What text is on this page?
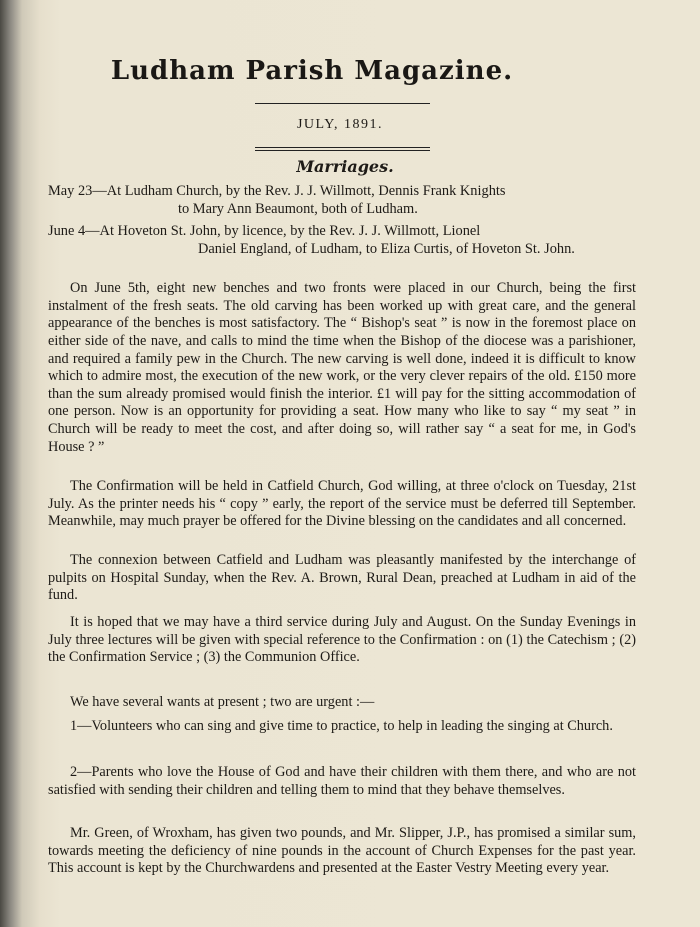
Ludham Parish Magazine.
JULY, 1891.
Marriages.
May 23—At Ludham Church, by the Rev. J. J. Willmott, Dennis Frank Knights
to Mary Ann Beaumont, both of Ludham.
June 4—At Hoveton St. John, by licence, by the Rev. J. J. Willmott, Lionel
Daniel England, of Ludham, to Eliza Curtis, of Hoveton St. John.

On June 5th, eight new benches and two fronts were placed in our Church, being the first instalment of the fresh seats. The old carving has been worked up with great care, and the general appearance of the benches is most satisfactory. The “ Bishop's seat ” is now in the foremost place on either side of the nave, and calls to mind the time when the Bishop of the diocese was a parishioner, and required a family pew in the Church. The new carving is well done, indeed it is difficult to know which to admire most, the execution of the new work, or the very clever repairs of the old. £150 more than the sum already promised would finish the interior. £1 will pay for the sitting accommodation of one person. Now is an opportunity for providing a seat. How many who like to say “ my seat ” in Church will be ready to meet the cost, and after doing so, will rather say “ a seat for me, in God's House ? ”

The Confirmation will be held in Catfield Church, God willing, at three o'clock on Tuesday, 21st July. As the printer needs his “ copy ” early, the report of the service must be deferred till September. Meanwhile, may much prayer be offered for the Divine blessing on the candidates and all concerned.

The connexion between Catfield and Ludham was pleasantly manifested by the interchange of pulpits on Hospital Sunday, when the Rev. A. Brown, Rural Dean, preached at Ludham in aid of the fund.

It is hoped that we may have a third service during July and August. On the Sunday Evenings in July three lectures will be given with special reference to the Confirmation : on (1) the Catechism ; (2) the Confirmation Service ; (3) the Communion Office.

We have several wants at present ; two are urgent :—

1—Volunteers who can sing and give time to practice, to help in leading the singing at Church.

2—Parents who love the House of God and have their children with them there, and who are not satisfied with sending their children and telling them to mind that they behave themselves.

Mr. Green, of Wroxham, has given two pounds, and Mr. Slipper, J.P., has promised a similar sum, towards meeting the deficiency of nine pounds in the account of Church Expenses for the past year. This account is kept by the Churchwardens and presented at the Easter Vestry Meeting every year.
